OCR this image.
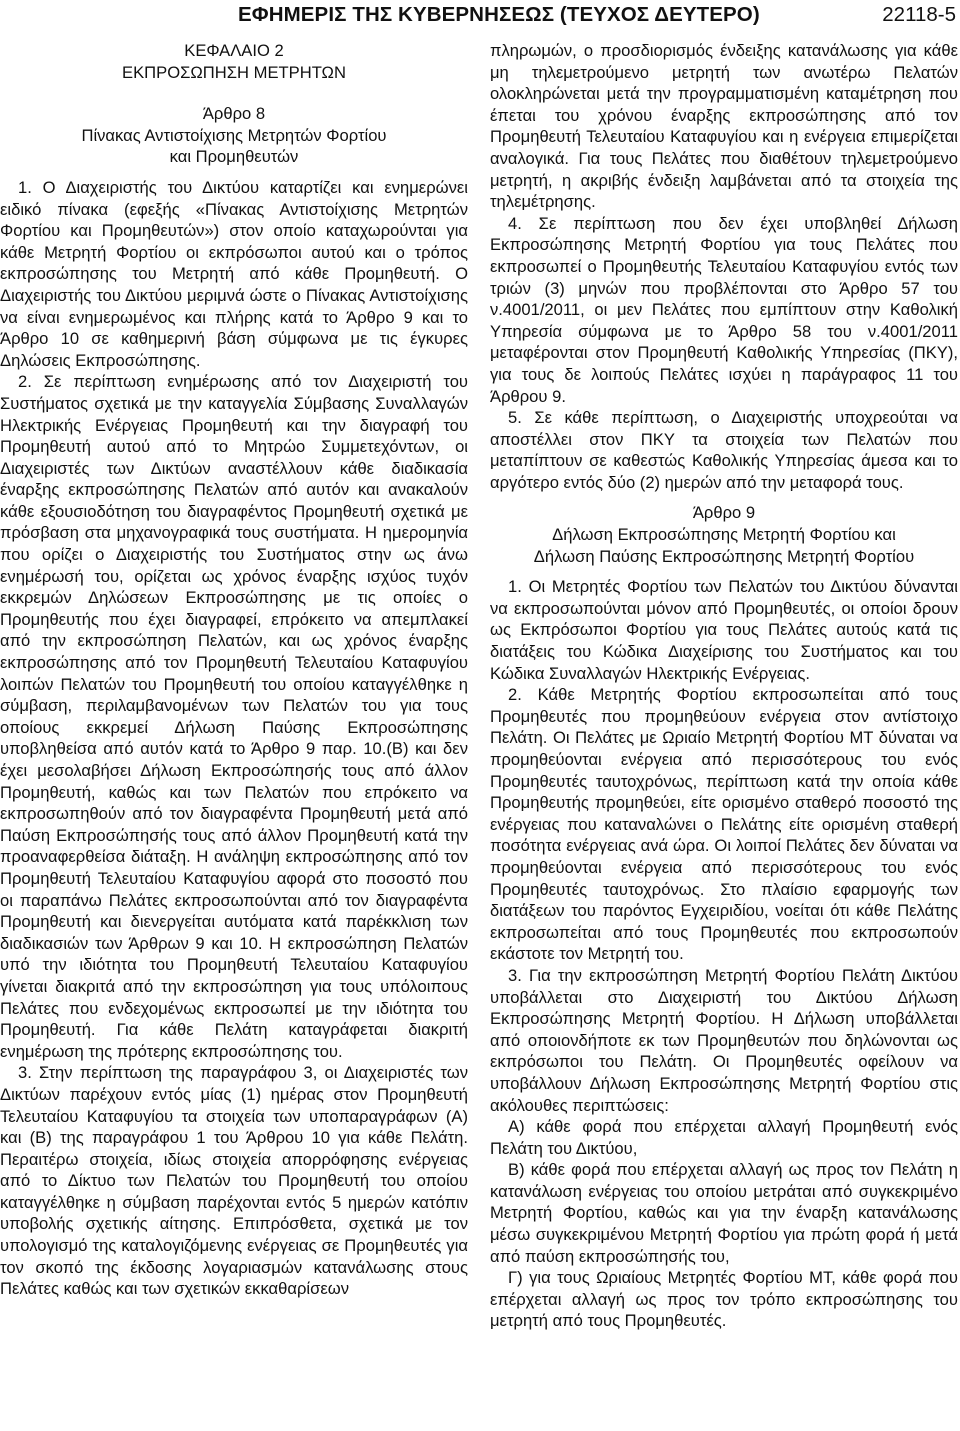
ΕΦΗΜΕΡΙΣ ΤΗΣ ΚΥΒΕΡΝΗΣΕΩΣ (ΤΕΥΧΟΣ ΔΕΥΤΕΡΟ)	22118-5
ΚΕΦΑΛΑΙΟ 2
ΕΚΠΡΟΣΩΠΗΣΗ ΜΕΤΡΗΤΩΝ
Άρθρο 8
Πίνακας Αντιστοίχισης Μετρητών Φορτίου
και Προμηθευτών
1. Ο Διαχειριστής του Δικτύου καταρτίζει και ενημερώνει ειδικό πίνακα (εφεξής «Πίνακας Αντιστοίχισης Μετρητών Φορτίου και Προμηθευτών») στον οποίο καταχωρούνται για κάθε Μετρητή Φορτίου οι εκπρόσωποι αυτού και ο τρόπος εκπροσώπησης του Μετρητή από κάθε Προμηθευτή. Ο Διαχειριστής του Δικτύου μεριμνά ώστε ο Πίνακας Αντιστοίχισης να είναι ενημερωμένος και πλήρης κατά το Άρθρο 9 και το Άρθρο 10 σε καθημερινή βάση σύμφωνα με τις έγκυρες Δηλώσεις Εκπροσώπησης.
2. Σε περίπτωση ενημέρωσης από τον Διαχειριστή του Συστήματος σχετικά με την καταγγελία Σύμβασης Συναλλαγών Ηλεκτρικής Ενέργειας Προμηθευτή και την διαγραφή του Προμηθευτή αυτού από το Μητρώο Συμμετεχόντων, οι Διαχειριστές των Δικτύων αναστέλλουν κάθε διαδικασία έναρξης εκπροσώπησης Πελατών από αυτόν και ανακαλούν κάθε εξουσιοδότηση του διαγραφέντος Προμηθευτή σχετικά με πρόσβαση στα μηχανογραφικά τους συστήματα. Η ημερομηνία που ορίζει ο Διαχειριστής του Συστήματος στην ως άνω ενημέρωσή του, ορίζεται ως χρόνος έναρξης ισχύος τυχόν εκκρεμών Δηλώσεων Εκπροσώπησης με τις οποίες ο Προμηθευτής που έχει διαγραφεί, επρόκειτο να απεμπλακεί από την εκπροσώπηση Πελατών, και ως χρόνος έναρξης εκπροσώπησης από τον Προμηθευτή Τελευταίου Καταφυγίου λοιπών Πελατών του Προμηθευτή του οποίου καταγγέλθηκε η σύμβαση, περιλαμβανομένων των Πελατών του για τους οποίους εκκρεμεί Δήλωση Παύσης Εκπροσώπησης υποβληθείσα από αυτόν κατά το Άρθρο 9 παρ. 10.(Β) και δεν έχει μεσολαβήσει Δήλωση Εκπροσώπησής τους από άλλον Προμηθευτή, καθώς και των Πελατών που επρόκειτο να εκπροσωπηθούν από τον διαγραφέντα Προμηθευτή μετά από Παύση Εκπροσώπησής τους από άλλον Προμηθευτή κατά την προαναφερθείσα διάταξη. Η ανάληψη εκπροσώπησης από τον Προμηθευτή Τελευταίου Καταφυγίου αφορά στο ποσοστό που οι παραπάνω Πελάτες εκπροσωπούνται από τον διαγραφέντα Προμηθευτή και διενεργείται αυτόματα κατά παρέκκλιση των διαδικασιών των Άρθρων 9 και 10. Η εκπροσώπηση Πελατών υπό την ιδιότητα του Προμηθευτή Τελευταίου Καταφυγίου γίνεται διακριτά από την εκπροσώπηση για τους υπόλοιπους Πελάτες που ενδεχομένως εκπροσωπεί με την ιδιότητα του Προμηθευτή. Για κάθε Πελάτη καταγράφεται διακριτή ενημέρωση της πρότερης εκπροσώπησης του.
3. Στην περίπτωση της παραγράφου 3, οι Διαχειριστές των Δικτύων παρέχουν εντός μίας (1) ημέρας στον Προμηθευτή Τελευταίου Καταφυγίου τα στοιχεία των υποπαραγράφων (Α) και (Β) της παραγράφου 1 του Άρθρου 10 για κάθε Πελάτη. Περαιτέρω στοιχεία, ιδίως στοιχεία απορρόφησης ενέργειας από το Δίκτυο των Πελατών του Προμηθευτή του οποίου καταγγέλθηκε η σύμβαση παρέχονται εντός 5 ημερών κατόπιν υποβολής σχετικής αίτησης. Επιπρόσθετα, σχετικά με τον υπολογισμό της καταλογιζόμενης ενέργειας σε Προμηθευτές για τον σκοπό της έκδοσης λογαριασμών κατανάλωσης στους Πελάτες καθώς και των σχετικών εκκαθαρίσεων
πληρωμών, ο προσδιορισμός ένδειξης κατανάλωσης για κάθε μη τηλεμετρούμενο μετρητή των ανωτέρω Πελατών ολοκληρώνεται μετά την προγραμματισμένη καταμέτρηση που έπεται του χρόνου έναρξης εκπροσώπησης από τον Προμηθευτή Τελευταίου Καταφυγίου και η ενέργεια επιμερίζεται αναλογικά. Για τους Πελάτες που διαθέτουν τηλεμετρούμενο μετρητή, η ακριβής ένδειξη λαμβάνεται από τα στοιχεία της τηλεμέτρησης.
4. Σε περίπτωση που δεν έχει υποβληθεί Δήλωση Εκπροσώπησης Μετρητή Φορτίου για τους Πελάτες που εκπροσωπεί ο Προμηθευτής Τελευταίου Καταφυγίου εντός των τριών (3) μηνών που προβλέπονται στο Άρθρο 57 του ν.4001/2011, οι μεν Πελάτες που εμπίπτουν στην Καθολική Υπηρεσία σύμφωνα με το Άρθρο 58 του ν.4001/2011 μεταφέρονται στον Προμηθευτή Καθολικής Υπηρεσίας (ΠΚΥ), για τους δε λοιπούς Πελάτες ισχύει η παράγραφος 11 του Άρθρου 9.
5. Σε κάθε περίπτωση, ο Διαχειριστής υποχρεούται να αποστέλλει στον ΠΚΥ τα στοιχεία των Πελατών που μεταπίπτουν σε καθεστώς Καθολικής Υπηρεσίας άμεσα και το αργότερο εντός δύο (2) ημερών από την μεταφορά τους.
Άρθρο 9
Δήλωση Εκπροσώπησης Μετρητή Φορτίου και
Δήλωση Παύσης Εκπροσώπησης Μετρητή Φορτίου
1. Οι Μετρητές Φορτίου των Πελατών του Δικτύου δύνανται να εκπροσωπούνται μόνον από Προμηθευτές, οι οποίοι δρουν ως Εκπρόσωποι Φορτίου για τους Πελάτες αυτούς κατά τις διατάξεις του Κώδικα Διαχείρισης του Συστήματος και του Κώδικα Συναλλαγών Ηλεκτρικής Ενέργειας.
2. Κάθε Μετρητής Φορτίου εκπροσωπείται από τους Προμηθευτές που προμηθεύουν ενέργεια στον αντίστοιχο Πελάτη. Οι Πελάτες με Ωριαίο Μετρητή Φορτίου ΜΤ δύναται να προμηθεύονται ενέργεια από περισσότερους του ενός Προμηθευτές ταυτοχρόνως, περίπτωση κατά την οποία κάθε Προμηθευτής προμηθεύει, είτε ορισμένο σταθερό ποσοστό της ενέργειας που καταναλώνει ο Πελάτης είτε ορισμένη σταθερή ποσότητα ενέργειας ανά ώρα. Οι λοιποί Πελάτες δεν δύναται να προμηθεύονται ενέργεια από περισσότερους του ενός Προμηθευτές ταυτοχρόνως. Στο πλαίσιο εφαρμογής των διατάξεων του παρόντος Εγχειριδίου, νοείται ότι κάθε Πελάτης εκπροσωπείται από τους Προμηθευτές που εκπροσωπούν εκάστοτε τον Μετρητή του.
3. Για την εκπροσώπηση Μετρητή Φορτίου Πελάτη Δικτύου υποβάλλεται στο Διαχειριστή του Δικτύου Δήλωση Εκπροσώπησης Μετρητή Φορτίου. Η Δήλωση υποβάλλεται από οποιονδήποτε εκ των Προμηθευτών που δηλώνονται ως εκπρόσωποι του Πελάτη. Οι Προμηθευτές οφείλουν να υποβάλλουν Δήλωση Εκπροσώπησης Μετρητή Φορτίου στις ακόλουθες περιπτώσεις:
Α) κάθε φορά που επέρχεται αλλαγή Προμηθευτή ενός Πελάτη του Δικτύου,
Β) κάθε φορά που επέρχεται αλλαγή ως προς τον Πελάτη η κατανάλωση ενέργειας του οποίου μετράται από συγκεκριμένο Μετρητή Φορτίου, καθώς και για την έναρξη κατανάλωσης μέσω συγκεκριμένου Μετρητή Φορτίου για πρώτη φορά ή μετά από παύση εκπροσώπησής του,
Γ) για τους Ωριαίους Μετρητές Φορτίου ΜΤ, κάθε φορά που επέρχεται αλλαγή ως προς τον τρόπο εκπροσώπησης του μετρητή από τους Προμηθευτές.
